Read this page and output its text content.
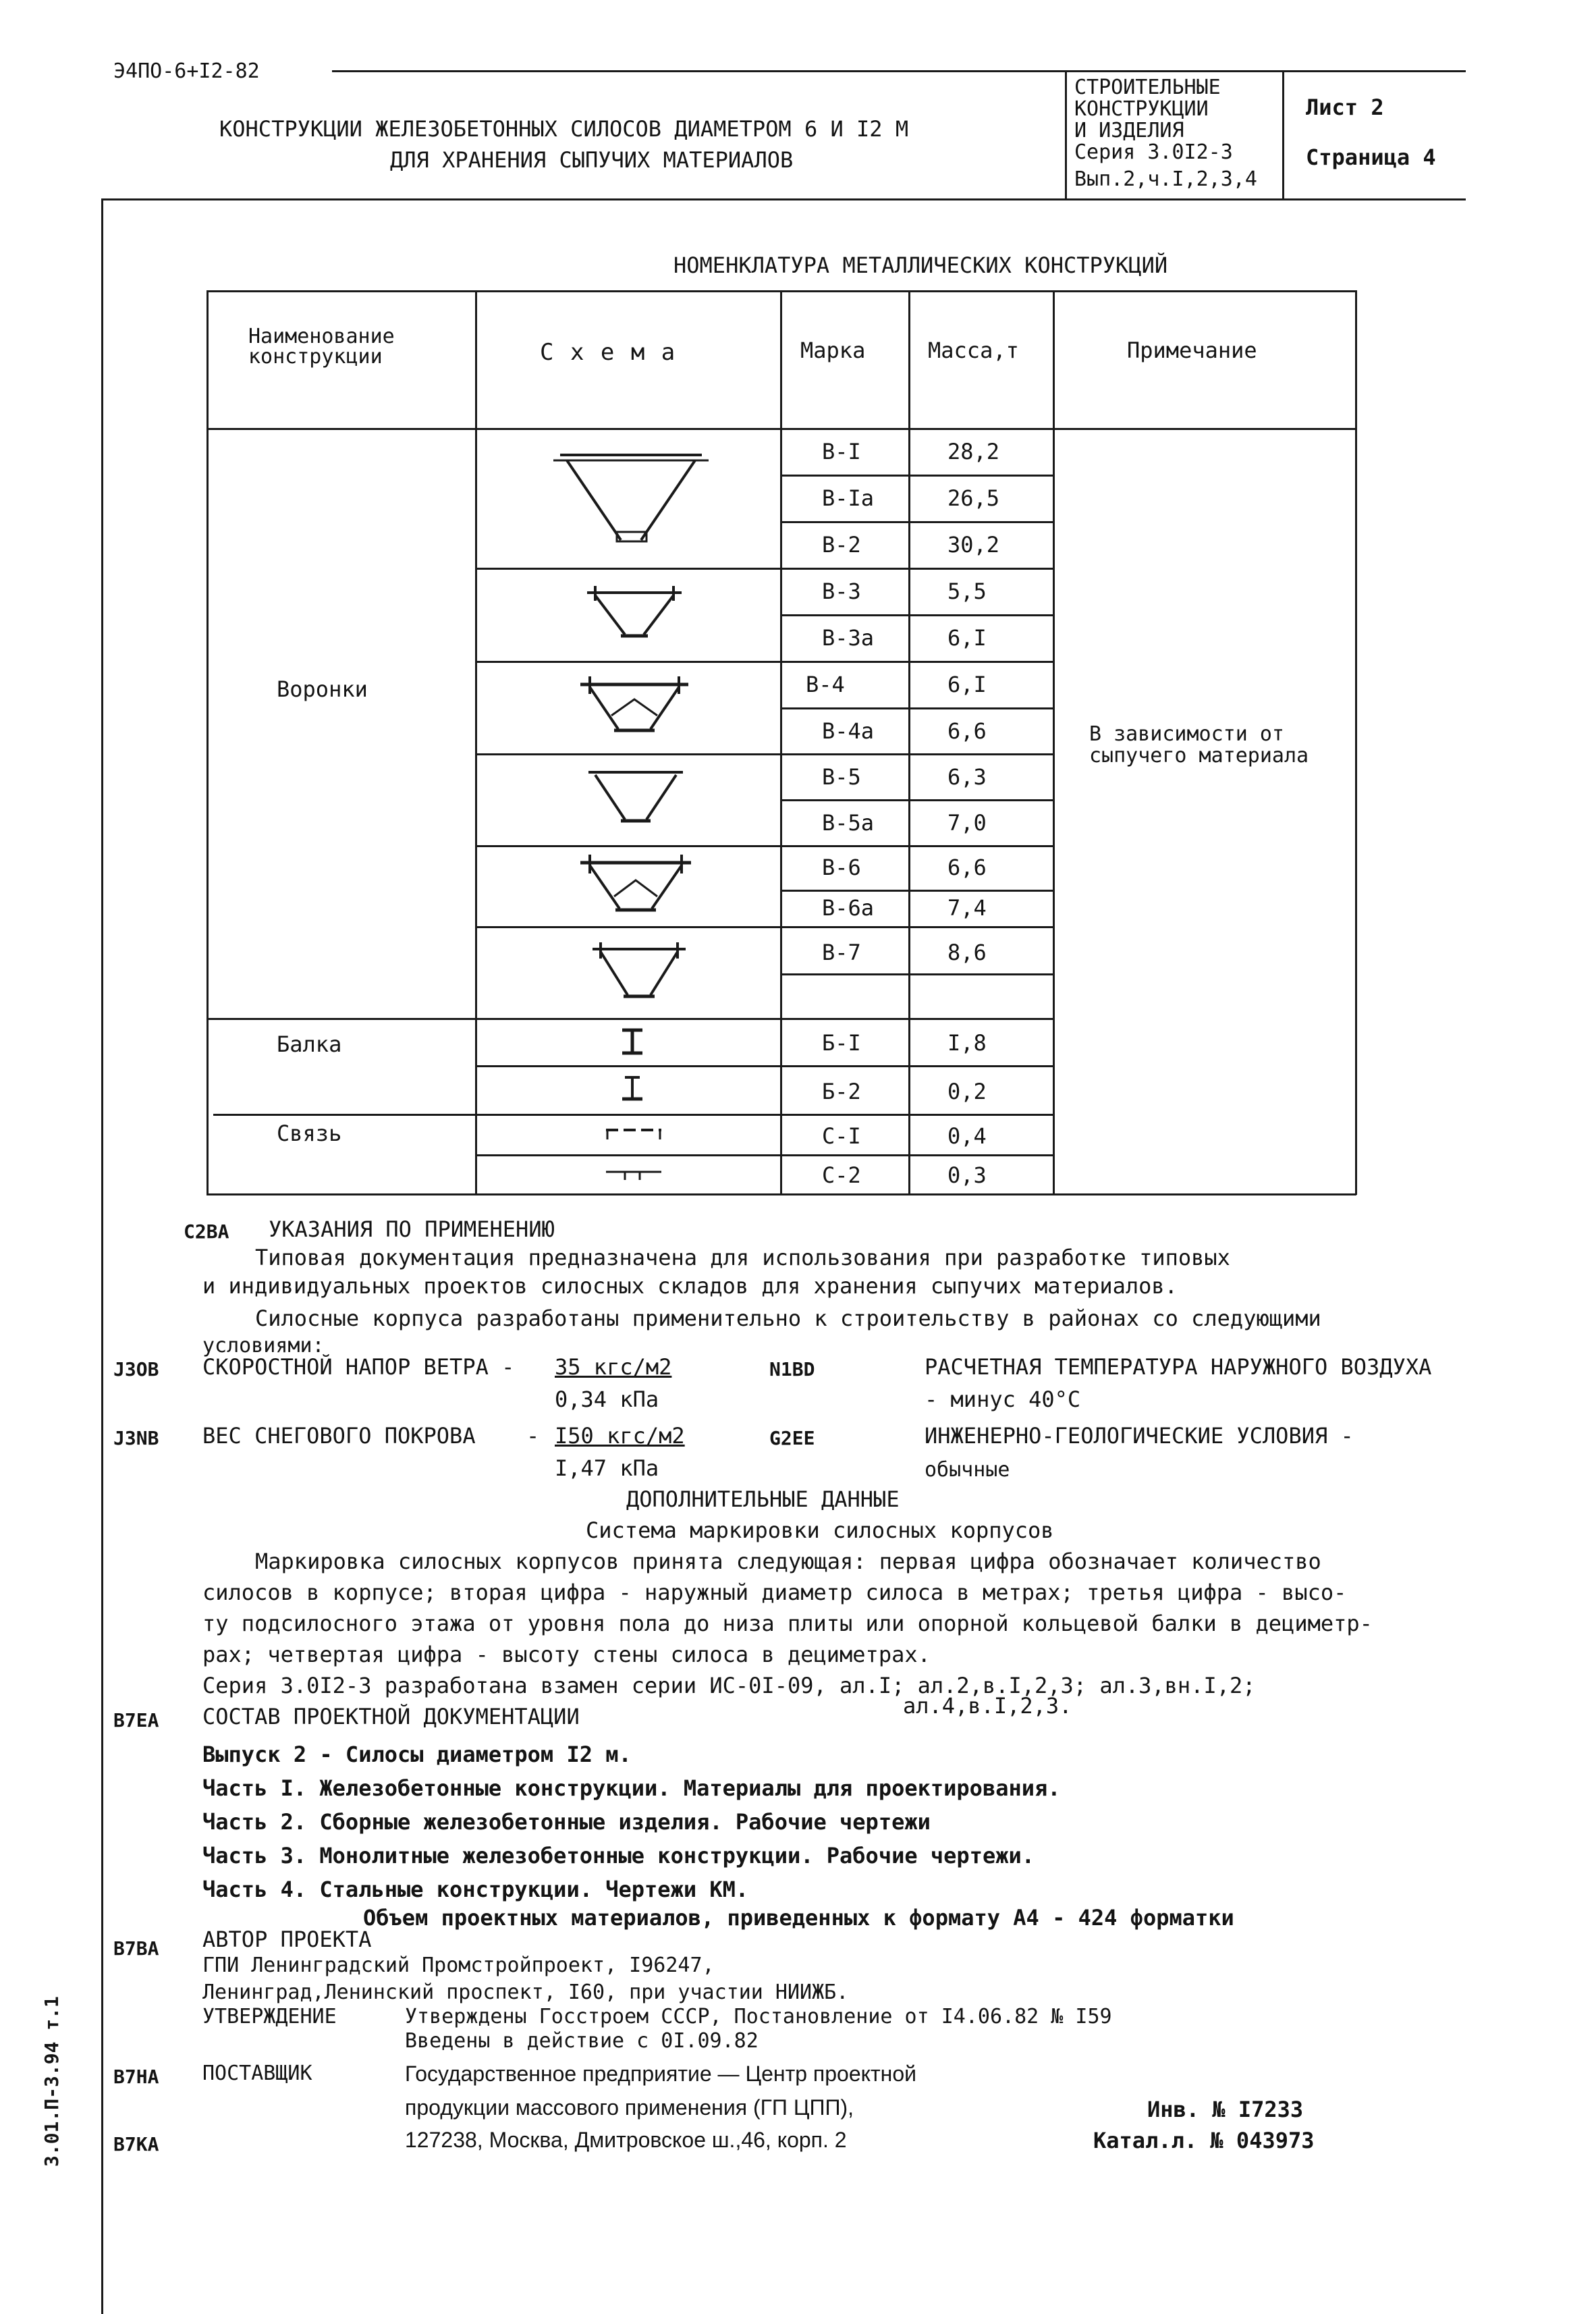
Э4ПО-6+I2-82
КОНСТРУКЦИИ ЖЕЛЕЗОБЕТОННЫХ СИЛОСОВ ДИАМЕТРОМ 6 И I2 М
ДЛЯ ХРАНЕНИЯ СЫПУЧИХ МАТЕРИАЛОВ
СТРОИТЕЛЬНЫЕ
КОНСТРУКЦИИ
И ИЗДЕЛИЯ
Серия 3.0I2-3
Вып.2,ч.I,2,3,4
Лист 2
Страница 4
НОМЕНКЛАТУРА МЕТАЛЛИЧЕСКИХ КОНСТРУКЦИЙ
Наименование конструкции	С х е м а	Марка	Масса,т	Примечание
Воронки
Балка
Связь
В зависимости от сыпучего материала
В-I	28,2
В-Iа	26,5
В-2	30,2
В-3	5,5
В-3а	6,I
В-4	6,I
В-4а	6,6
В-5	6,3
В-5а	7,0
В-6	6,6
В-6а	7,4
В-7	8,6
Б-I	I,8
Б-2	0,2
С-I	0,4
С-2	0,3
С2ВА УКАЗАНИЯ ПО ПРИМЕНЕНИЮ
Типовая документация предназначена для использования при разработке типовых
и индивидуальных проектов силосных складов для хранения сыпучих материалов.
Силосные корпуса разработаны применительно к строительству в районах со следующими
условиями:
J3ОВ СКОРОСТНОЙ НАПОР ВЕТРА - 35 кгс/м2
0,34 кПа
N1ВD	РАСЧЕТНАЯ ТЕМПЕРАТУРА НАРУЖНОГО ВОЗДУХА
- минус 40°С
J3NВ ВЕС СНЕГОВОГО ПОКРОВА - I50 кгс/м2
I,47 кПа
G2ЕЕ	ИНЖЕНЕРНО-ГЕОЛОГИЧЕСКИЕ УСЛОВИЯ -
обычные
ДОПОЛНИТЕЛЬНЫЕ ДАННЫЕ
Система маркировки силосных корпусов
Маркировка силосных корпусов принята следующая: первая цифра обозначает количество
силосов в корпусе; вторая цифра - наружный диаметр силоса в метрах; третья цифра - высо-
ту подсилосного этажа от уровня пола до низа плиты или опорной кольцевой балки в дециметр-
рах; четвертая цифра - высоту стены силоса в дециметрах.
Серия 3.0I2-3 разработана взамен серии ИС-0I-09, ал.I; ал.2,в.I,2,3; ал.3,вн.I,2;
ал.4,в.I,2,3.
В7ЕА СОСТАВ ПРОЕКТНОЙ ДОКУМЕНТАЦИИ
Выпуск 2 - Силосы диаметром I2 м.
Часть I. Железобетонные конструкции. Материалы для проектирования.
Часть 2. Сборные железобетонные изделия. Рабочие чертежи
Часть 3. Монолитные железобетонные конструкции. Рабочие чертежи.
Часть 4. Стальные конструкции. Чертежи КМ.
Объем проектных материалов, приведенных к формату А4 - 424 форматки
В7ВА АВТОР ПРОЕКТА
ГПИ Ленинградский Промстройпроект, I96247,
Ленинград,Ленинский проспект, I60, при участии НИИЖБ.
УТВЕРЖДЕНИЕ	Утверждены Госстроем СССР, Постановление от I4.06.82 № I59
Введены в действие с 0I.09.82
В7НА ПОСТАВЩИК	Государственное предприятие — Центр проектной
продукции массового применения (ГП ЦПП),	Инв. № I7233
В7КА	127238, Москва, Дмитровское ш.,46, корп. 2	Катал.л. № 043973
3.01.П-3.94 т.1
